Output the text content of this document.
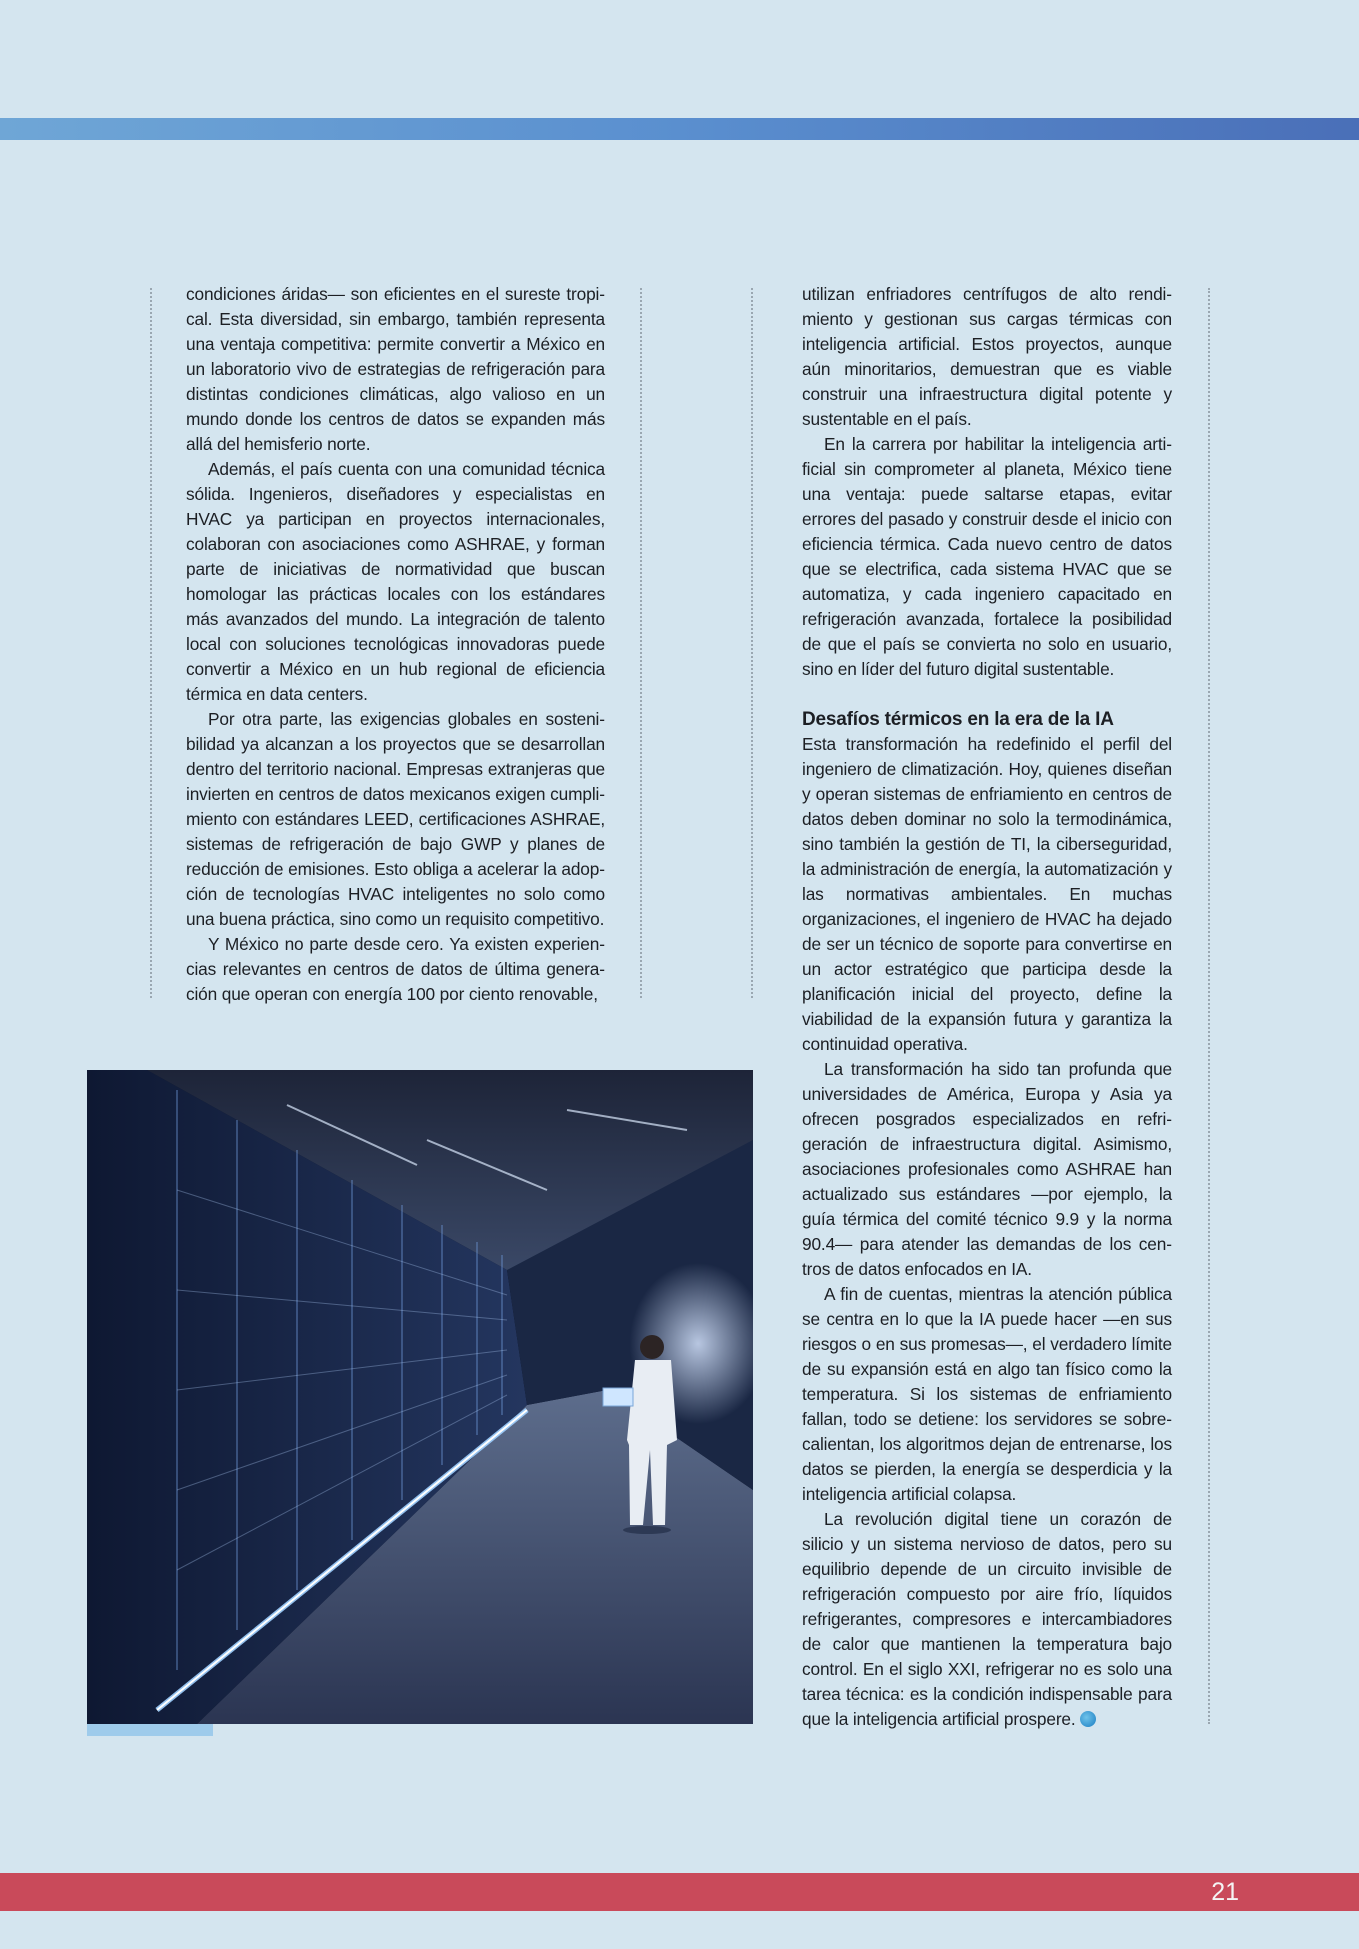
condiciones áridas— son eficientes en el sureste tropical. Esta diversidad, sin embargo, también representa una ventaja competitiva: permite convertir a México en un laboratorio vivo de estrategias de refrigeración para distintas condiciones climáticas, algo valioso en un mundo donde los centros de datos se expanden más allá del hemisferio norte.

Además, el país cuenta con una comunidad técnica sólida. Ingenieros, diseñadores y especialistas en HVAC ya participan en proyectos internacionales, colaboran con asociaciones como ASHRAE, y forman parte de iniciativas de normatividad que buscan homologar las prácticas locales con los estándares más avanzados del mundo. La integración de talento local con soluciones tecnológicas innovadoras puede convertir a México en un hub regional de eficiencia térmica en data centers.

Por otra parte, las exigencias globales en sostenibilidad ya alcanzan a los proyectos que se desarrollan dentro del territorio nacional. Empresas extranjeras que invierten en centros de datos mexicanos exigen cumplimiento con estándares LEED, certificaciones ASHRAE, sistemas de refrigeración de bajo GWP y planes de reducción de emisiones. Esto obliga a acelerar la adopción de tecnologías HVAC inteligentes no solo como una buena práctica, sino como un requisito competitivo.

Y México no parte desde cero. Ya existen experiencias relevantes en centros de datos de última generación que operan con energía 100 por ciento renovable,

utilizan enfriadores centrífugos de alto rendimiento y gestionan sus cargas térmicas con inteligencia artificial. Estos proyectos, aunque aún minoritarios, demuestran que es viable construir una infraestructura digital potente y sustentable en el país.

En la carrera por habilitar la inteligencia artificial sin comprometer al planeta, México tiene una ventaja: puede saltarse etapas, evitar errores del pasado y construir desde el inicio con eficiencia térmica. Cada nuevo centro de datos que se electrifica, cada sistema HVAC que se automatiza, y cada ingeniero capacitado en refrigeración avanzada, fortalece la posibilidad de que el país se convierta no solo en usuario, sino en líder del futuro digital sustentable.

Desafíos térmicos en la era de la IA

Esta transformación ha redefinido el perfil del ingeniero de climatización. Hoy, quienes diseñan y operan sistemas de enfriamiento en centros de datos deben dominar no solo la termodinámica, sino también la gestión de TI, la ciberseguridad, la administración de energía, la automatización y las normativas ambientales. En muchas organizaciones, el ingeniero de HVAC ha dejado de ser un técnico de soporte para convertirse en un actor estratégico que participa desde la planificación inicial del proyecto, define la viabilidad de la expansión futura y garantiza la continuidad operativa.

La transformación ha sido tan profunda que universidades de América, Europa y Asia ya ofrecen posgrados especializados en refrigeración de infraestructura digital. Asimismo, asociaciones profesionales como ASHRAE han actualizado sus estándares —por ejemplo, la guía térmica del comité técnico 9.9 y la norma 90.4— para atender las demandas de los centros de datos enfocados en IA.

A fin de cuentas, mientras la atención pública se centra en lo que la IA puede hacer —en sus riesgos o en sus promesas—, el verdadero límite de su expansión está en algo tan físico como la temperatura. Si los sistemas de enfriamiento fallan, todo se detiene: los servidores se sobrecalientan, los algoritmos dejan de entrenarse, los datos se pierden, la energía se desperdicia y la inteligencia artificial colapsa.

La revolución digital tiene un corazón de silicio y un sistema nervioso de datos, pero su equilibrio depende de un circuito invisible de refrigeración compuesto por aire frío, líquidos refrigerantes, compresores e intercambiadores de calor que mantienen la temperatura bajo control. En el siglo XXI, refrigerar no es solo una tarea técnica: es la condición indispensable para que la inteligencia artificial prospere.

21
